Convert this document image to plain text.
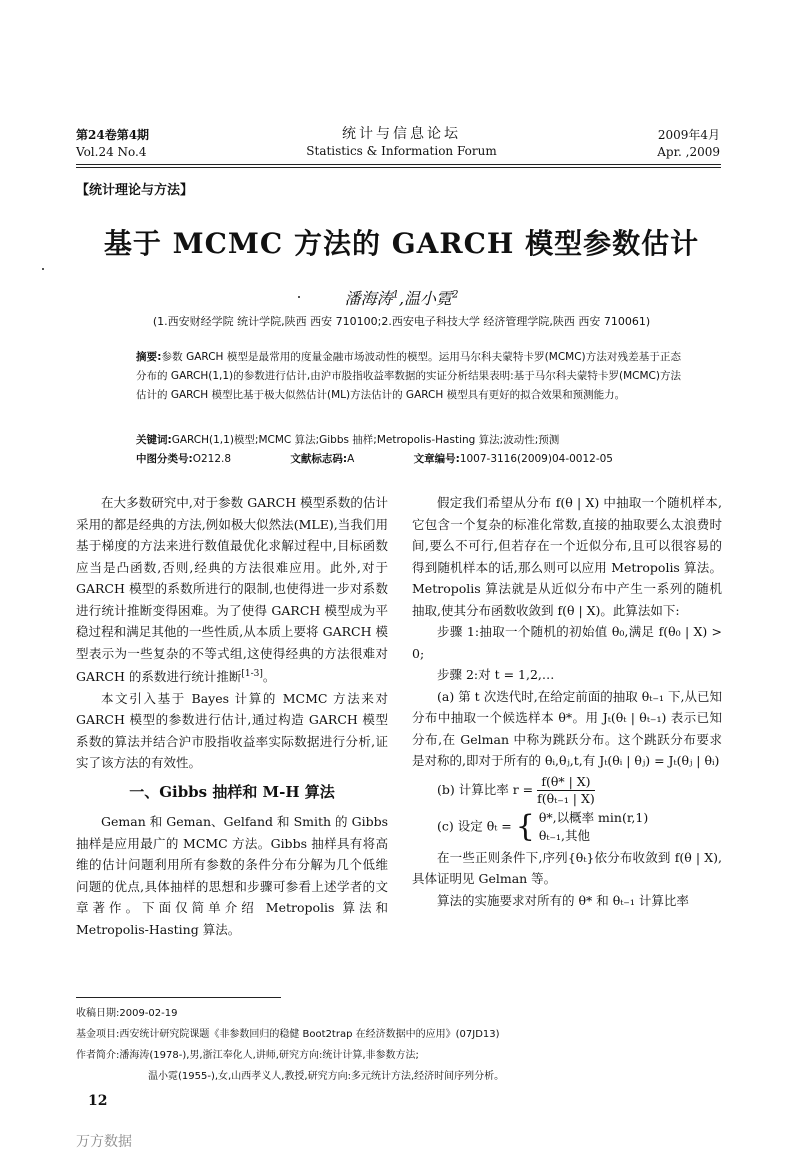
第24卷第4期
Vol.24 No.4
统计与信息论坛
Statistics & Information Forum
2009年4月
Apr. ,2009
【统计理论与方法】
基于 MCMC 方法的 GARCH 模型参数估计
潘海涛$^1$,温小霓$^2$
(1.西安财经学院 统计学院,陕西 西安 710100;2.西安电子科技大学 经济管理学院,陕西 西安 710061)
摘要:参数 GARCH 模型是最常用的度量金融市场波动性的模型。运用马尔科夫蒙特卡罗(MCMC)方法对残差基于正态分布的 GARCH(1,1)的参数进行估计,由沪市股指收益率数据的实证分析结果表明:基于马尔科夫蒙特卡罗(MCMC)方法估计的 GARCH 模型比基于极大似然估计(ML)方法估计的 GARCH 模型具有更好的拟合效果和预测能力。
关键词:GARCH(1,1)模型;MCMC 算法;Gibbs 抽样;Metropolis-Hasting 算法;波动性;预测
中图分类号:O212.8	文献标志码:A	文章编号:1007-3116(2009)04-0012-05

在大多数研究中,对于参数 GARCH 模型系数的估计采用的都是经典的方法,例如极大似然法(MLE),当我们用基于梯度的方法来进行数值最优化求解过程中,目标函数应当是凸函数,否则,经典的方法很难应用。此外,对于 GARCH 模型的系数所进行的限制,也使得进一步对系数进行统计推断变得困难。为了使得 GARCH 模型成为平稳过程和满足其他的一些性质,从本质上要将 GARCH 模型表示为一些复杂的不等式组,这使得经典的方法很难对 GARCH 的系数进行统计推断[1-3]。

本文引入基于 Bayes 计算的 MCMC 方法来对 GARCH 模型的参数进行估计,通过构造 GARCH 模型系数的算法并结合沪市股指收益率实际数据进行分析,证实了该方法的有效性。

一、Gibbs 抽样和 M-H 算法

Geman 和 Geman、Gelfand 和 Smith 的 Gibbs 抽样是应用最广的 MCMC 方法。Gibbs 抽样具有将高维的估计问题利用所有参数的条件分布分解为几个低维问题的优点,具体抽样的思想和步骤可参看上述学者的文章著作。下面仅简单介绍 Metropolis 算法和 Metropolis-Hasting 算法。

假定我们希望从分布 f(θ | X) 中抽取一个随机样本,它包含一个复杂的标准化常数,直接的抽取要么太浪费时间,要么不可行,但若存在一个近似分布,且可以很容易的得到随机样本的话,那么则可以应用 Metropolis 算法。Metropolis 算法就是从近似分布中产生一系列的随机抽取,使其分布函数收敛到 f(θ | X)。此算法如下:

步骤 1:抽取一个随机的初始值 θ₀,满足 f(θ₀ | X) > 0;

步骤 2:对 t = 1,2,…

(a) 第 t 次迭代时,在给定前面的抽取 θₜ₋₁ 下,从已知分布中抽取一个候选样本 θ*。用 Jₜ(θₜ | θₜ₋₁) 表示已知分布,在 Gelman 中称为跳跃分布。这个跳跃分布要求是对称的,即对于所有的 θᵢ,θⱼ,t,有 Jₜ(θᵢ | θⱼ) = Jₜ(θⱼ | θᵢ)

(b) 计算比率 $r = \frac{f(\theta* | X)}{\text{f(θₜ₋₁ | X)}}$
(c) 设定 θₜ = { θ*,以概率 min(r,1)
θₜ₋₁,其他

在一些正则条件下,序列{θₜ}依分布收敛到 f(θ | X),具体证明见 Gelman 等。

算法的实施要求对所有的 θ* 和 θₜ₋₁ 计算比率

收稿日期:2009-02-19
基金项目:西安统计研究院课题《非参数回归的稳健 Boot2trap 在经济数据中的应用》(07JD13)
作者简介:潘海涛(1978-),男,浙江奉化人,讲师,研究方向:统计计算,非参数方法;
温小霓(1955-),女,山西孝义人,教授,研究方向:多元统计方法,经济时间序列分析。
12
万方数据
